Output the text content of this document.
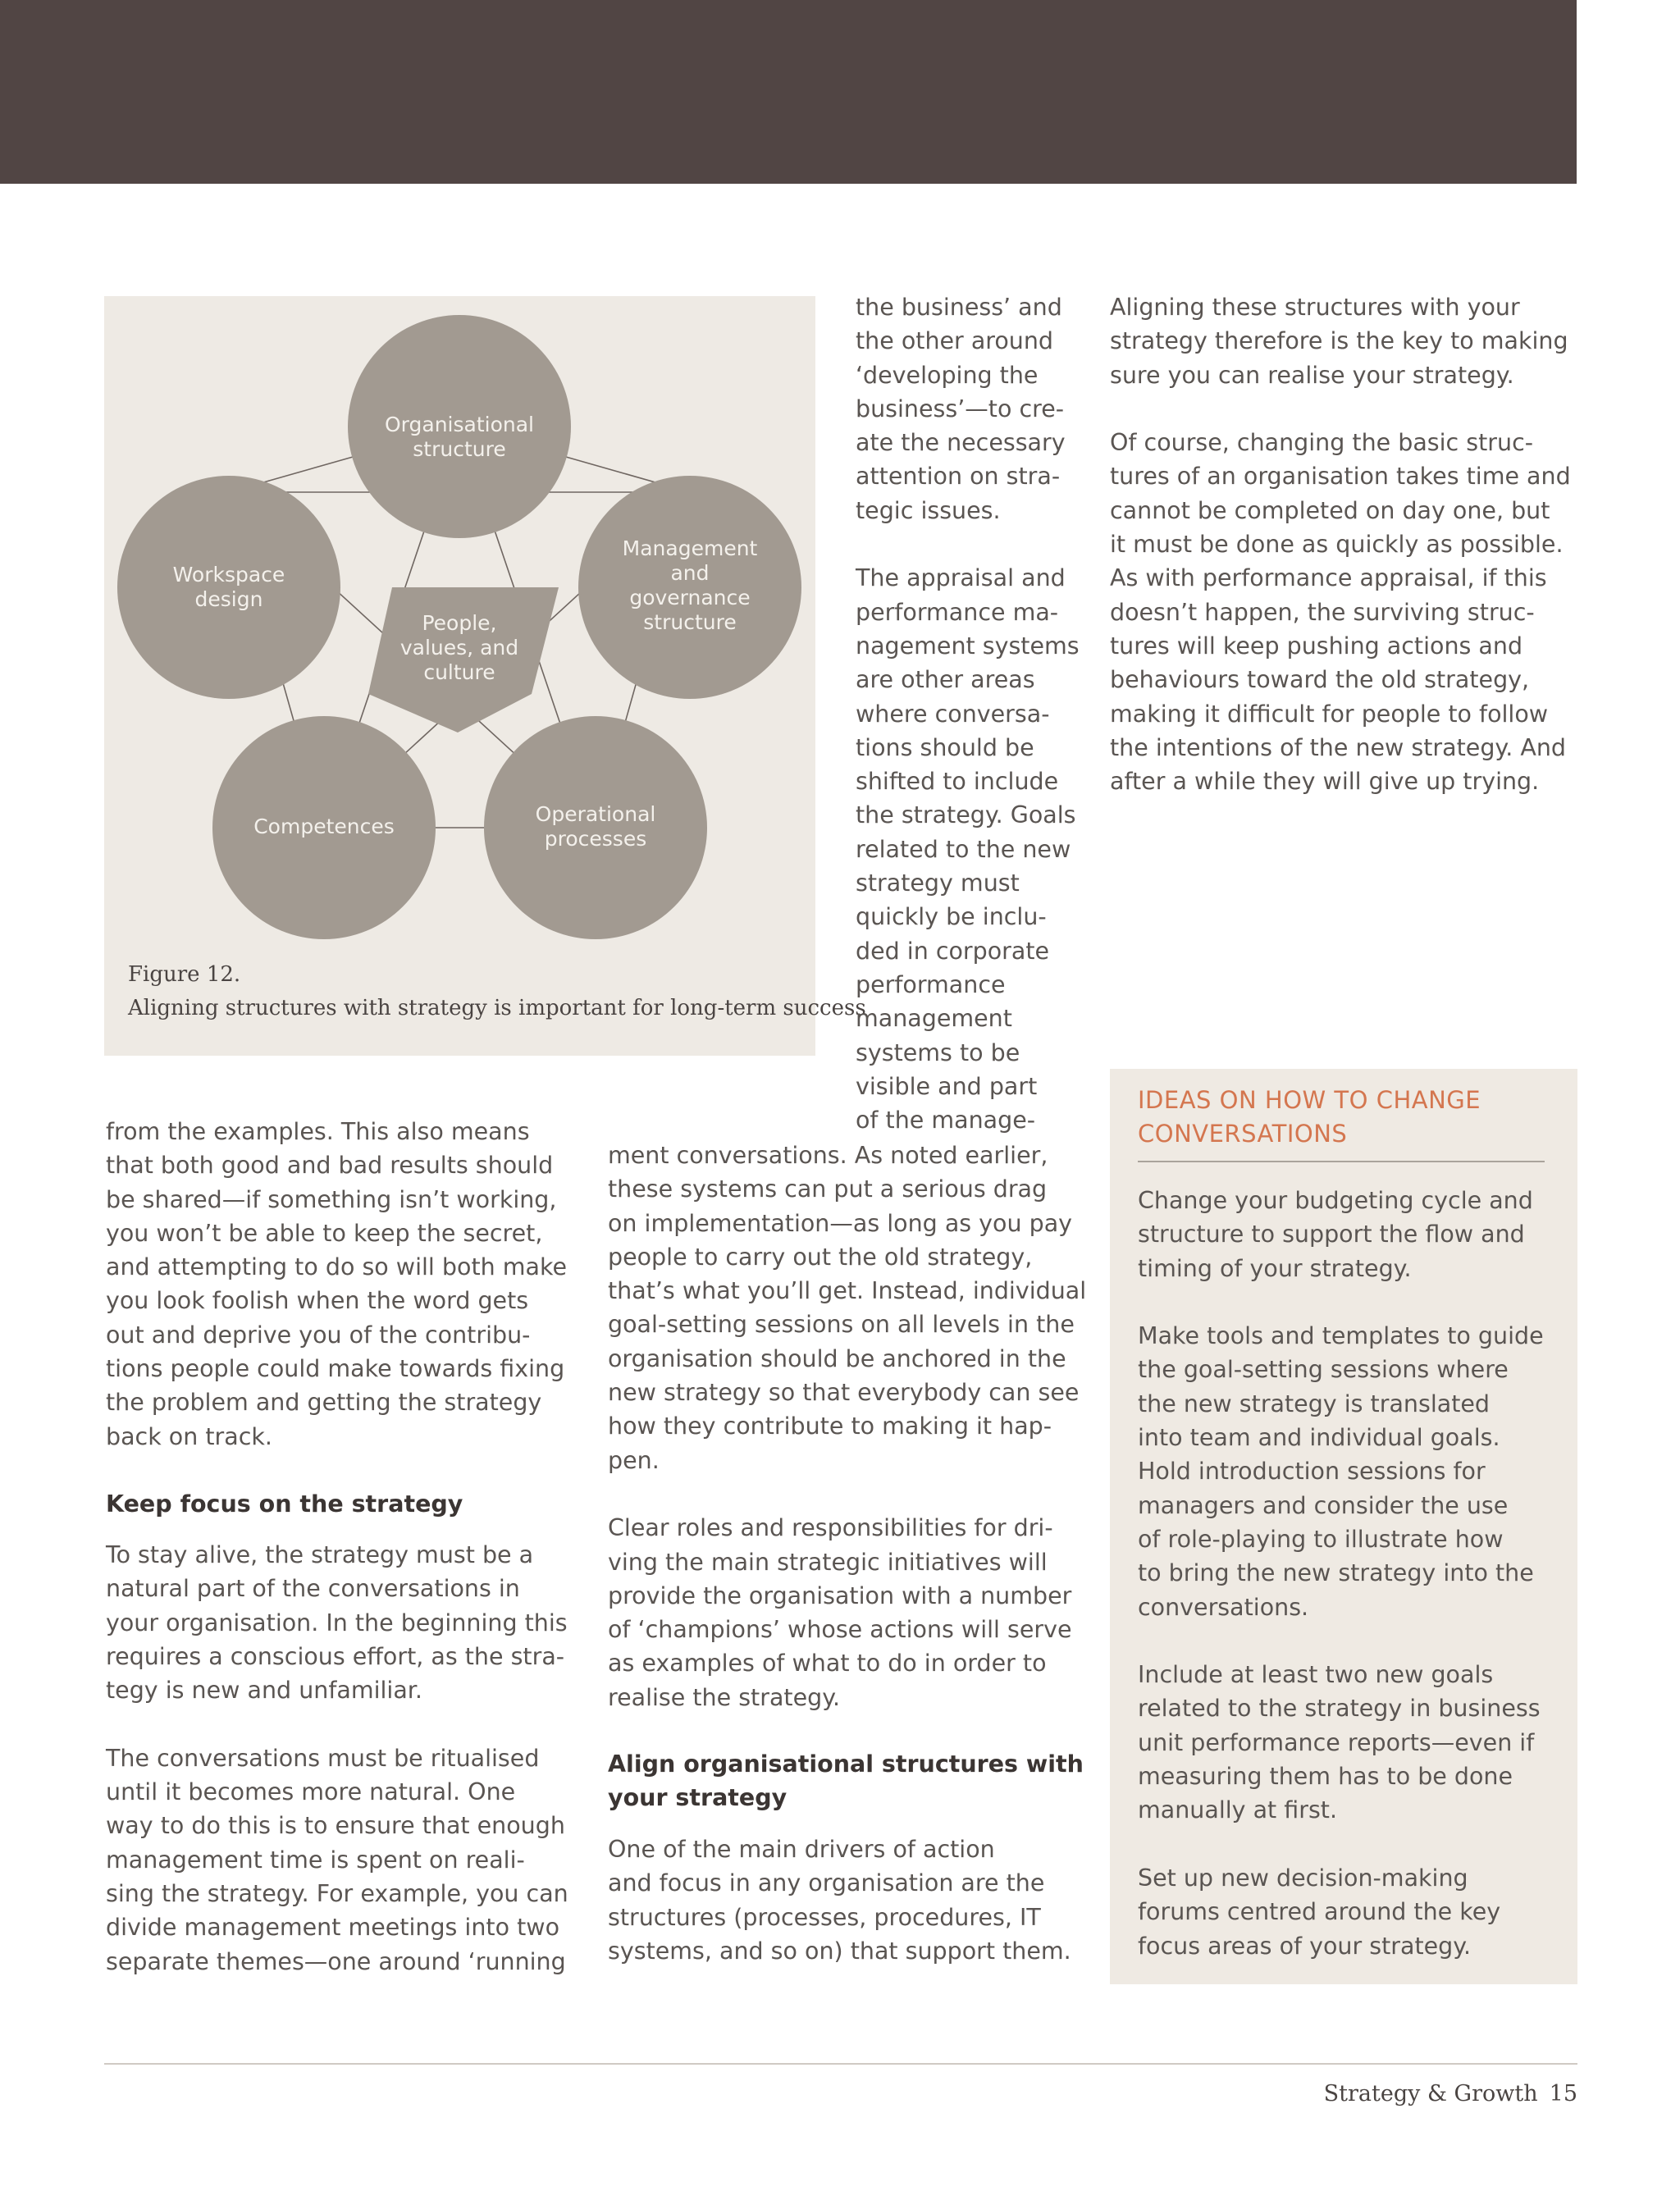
Organisational
structure
Management
and
governance
structure
Operational
processes
Competences
Workspace
design
People,
values, and
culture
Figure 12.
Aligning structures with strategy is important for long-term success

from the examples. This also means
that both good and bad results should
be shared—if something isn’t working,
you won’t be able to keep the secret,
and attempting to do so will both make
you look foolish when the word gets
out and deprive you of the contribu-
tions people could make towards fixing
the problem and getting the strategy
back on track.

Keep focus on the strategy

To stay alive, the strategy must be a
natural part of the conversations in
your organisation. In the beginning this
requires a conscious effort, as the stra-
tegy is new and unfamiliar.

The conversations must be ritualised
until it becomes more natural. One
way to do this is to ensure that enough
management time is spent on reali-
sing the strategy. For example, you can
divide management meetings into two
separate themes—one around ‘running

the business’ and
the other around
‘developing the
business’—to cre-
ate the necessary
attention on stra-
tegic issues.

The appraisal and
performance ma-
nagement systems
are other areas
where conversa-
tions should be
shifted to include
the strategy. Goals
related to the new
strategy must
quickly be inclu-
ded in corporate
performance
management
systems to be
visible and part
of the manage-

ment conversations. As noted earlier,
these systems can put a serious drag
on implementation—as long as you pay
people to carry out the old strategy,
that’s what you’ll get. Instead, individual
goal-setting sessions on all levels in the
organisation should be anchored in the
new strategy so that everybody can see
how they contribute to making it hap-
pen.

Clear roles and responsibilities for dri-
ving the main strategic initiatives will
provide the organisation with a number
of ‘champions’ whose actions will serve
as examples of what to do in order to
realise the strategy.

Align organisational structures with
your strategy

One of the main drivers of action
and focus in any organisation are the
structures (processes, procedures, IT
systems, and so on) that support them.

Aligning these structures with your
strategy therefore is the key to making
sure you can realise your strategy.

Of course, changing the basic struc-
tures of an organisation takes time and
cannot be completed on day one, but
it must be done as quickly as possible.
As with performance appraisal, if this
doesn’t happen, the surviving struc-
tures will keep pushing actions and
behaviours toward the old strategy,
making it difficult for people to follow
the intentions of the new strategy. And
after a while they will give up trying.

IDEAS ON HOW TO CHANGE
CONVERSATIONS

Change your budgeting cycle and
structure to support the flow and
timing of your strategy.

Make tools and templates to guide
the goal-setting sessions where
the new strategy is translated
into team and individual goals.
Hold introduction sessions for
managers and consider the use
of role-playing to illustrate how
to bring the new strategy into the
conversations.

Include at least two new goals
related to the strategy in business
unit performance reports—even if
measuring them has to be done
manually at first.

Set up new decision-making
forums centred around the key
focus areas of your strategy.

Strategy & Growth 15
